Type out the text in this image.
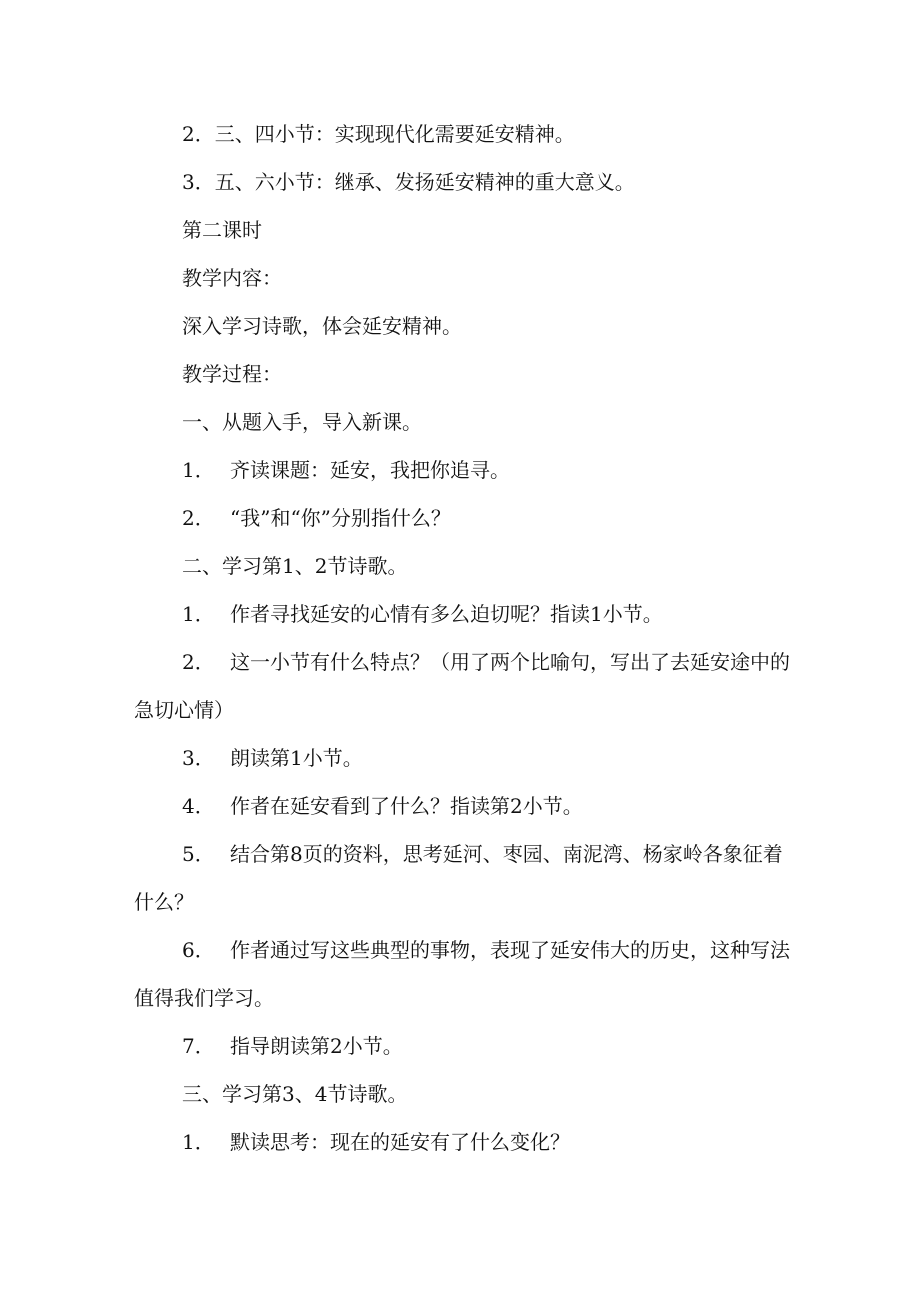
2．三、四小节：实现现代化需要延安精神。

3．五、六小节：继承、发扬延安精神的重大意义。

第二课时

教学内容：

深入学习诗歌，体会延安精神。

教学过程：

一、从题入手，导入新课。

1． 齐读课题：延安，我把你追寻。

2． “我”和“你”分别指什么？

二、学习第1、2节诗歌。

1． 作者寻找延安的心情有多么迫切呢？指读1小节。

2． 这一小节有什么特点？（用了两个比喻句，写出了去延安途中的急切心情）

3． 朗读第1小节。

4． 作者在延安看到了什么？指读第2小节。

5． 结合第8页的资料，思考延河、枣园、南泥湾、杨家岭各象征着什么？

6． 作者通过写这些典型的事物，表现了延安伟大的历史，这种写法值得我们学习。

7． 指导朗读第2小节。

三、学习第3、4节诗歌。

1． 默读思考：现在的延安有了什么变化？
